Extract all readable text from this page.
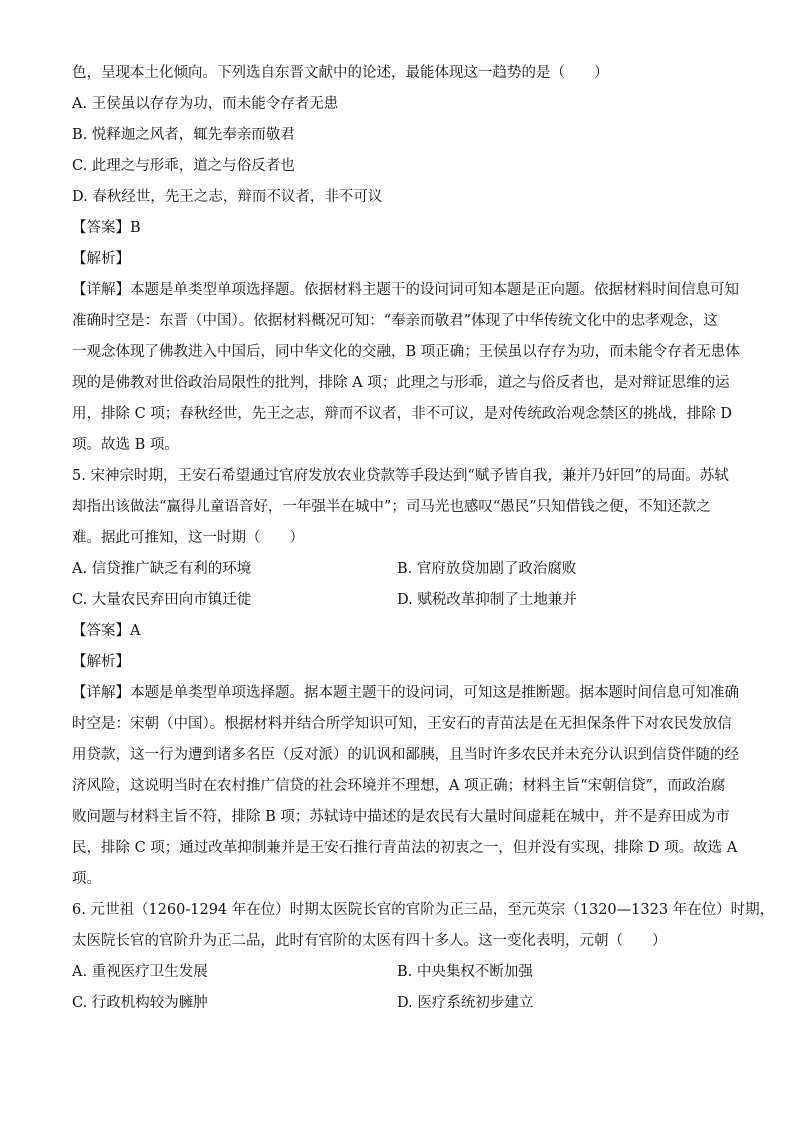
色，呈现本土化倾向。下列选自东晋文献中的论述，最能体现这一趋势的是（　　）
A. 王侯虽以存存为功，而未能令存者无患
B. 悦释迦之风者，辄先奉亲而敬君
C. 此理之与形乖，道之与俗反者也
D. 春秋经世，先王之志，辩而不议者，非不可议
【答案】B
【解析】
【详解】本题是单类型单项选择题。依据材料主题干的设问词可知本题是正向题。依据材料时间信息可知
准确时空是：东晋（中国）。依据材料概况可知：“奉亲而敬君”体现了中华传统文化中的忠孝观念，这
一观念体现了佛教进入中国后，同中华文化的交融，B 项正确；王侯虽以存存为功，而未能令存者无患体
现的是佛教对世俗政治局限性的批判，排除 A 项；此理之与形乖，道之与俗反者也，是对辩证思维的运
用，排除 C 项；春秋经世，先王之志，辩而不议者，非不可议，是对传统政治观念禁区的挑战，排除 D
项。故选 B 项。
5. 宋神宗时期，王安石希望通过官府发放农业贷款等手段达到“赋予皆自我，兼并乃奸回”的局面。苏轼
却指出该做法“赢得儿童语音好，一年强半在城中”；司马光也感叹“愚民”只知借钱之便，不知还款之
难。据此可推知，这一时期（　　）
A. 信贷推广缺乏有利的环境	B. 官府放贷加剧了政治腐败
C. 大量农民弃田向市镇迁徙	D. 赋税改革抑制了土地兼并
【答案】A
【解析】
【详解】本题是单类型单项选择题。据本题主题干的设问词，可知这是推断题。据本题时间信息可知准确
时空是：宋朝（中国）。根据材料并结合所学知识可知，王安石的青苗法是在无担保条件下对农民发放信
用贷款，这一行为遭到诸多名臣（反对派）的讥讽和鄙胰，且当时许多农民并未充分认识到信贷伴随的经
济风险，这说明当时在农村推广信贷的社会环境并不理想，A 项正确；材料主旨“宋朝信贷”，而政治腐
败问题与材料主旨不符，排除 B 项；苏轼诗中描述的是农民有大量时间虚耗在城中，并不是弃田成为市
民，排除 C 项；通过改革抑制兼并是王安石推行青苗法的初衷之一，但并没有实现，排除 D 项。故选 A
项。
6. 元世祖（1260-1294 年在位）时期太医院长官的官阶为正三品，至元英宗（1320—1323 年在位）时期，
太医院长官的官阶升为正二品，此时有官阶的太医有四十多人。这一变化表明，元朝（　　）
A. 重视医疗卫生发展	B. 中央集权不断加强
C. 行政机构较为臃肿	D. 医疗系统初步建立
